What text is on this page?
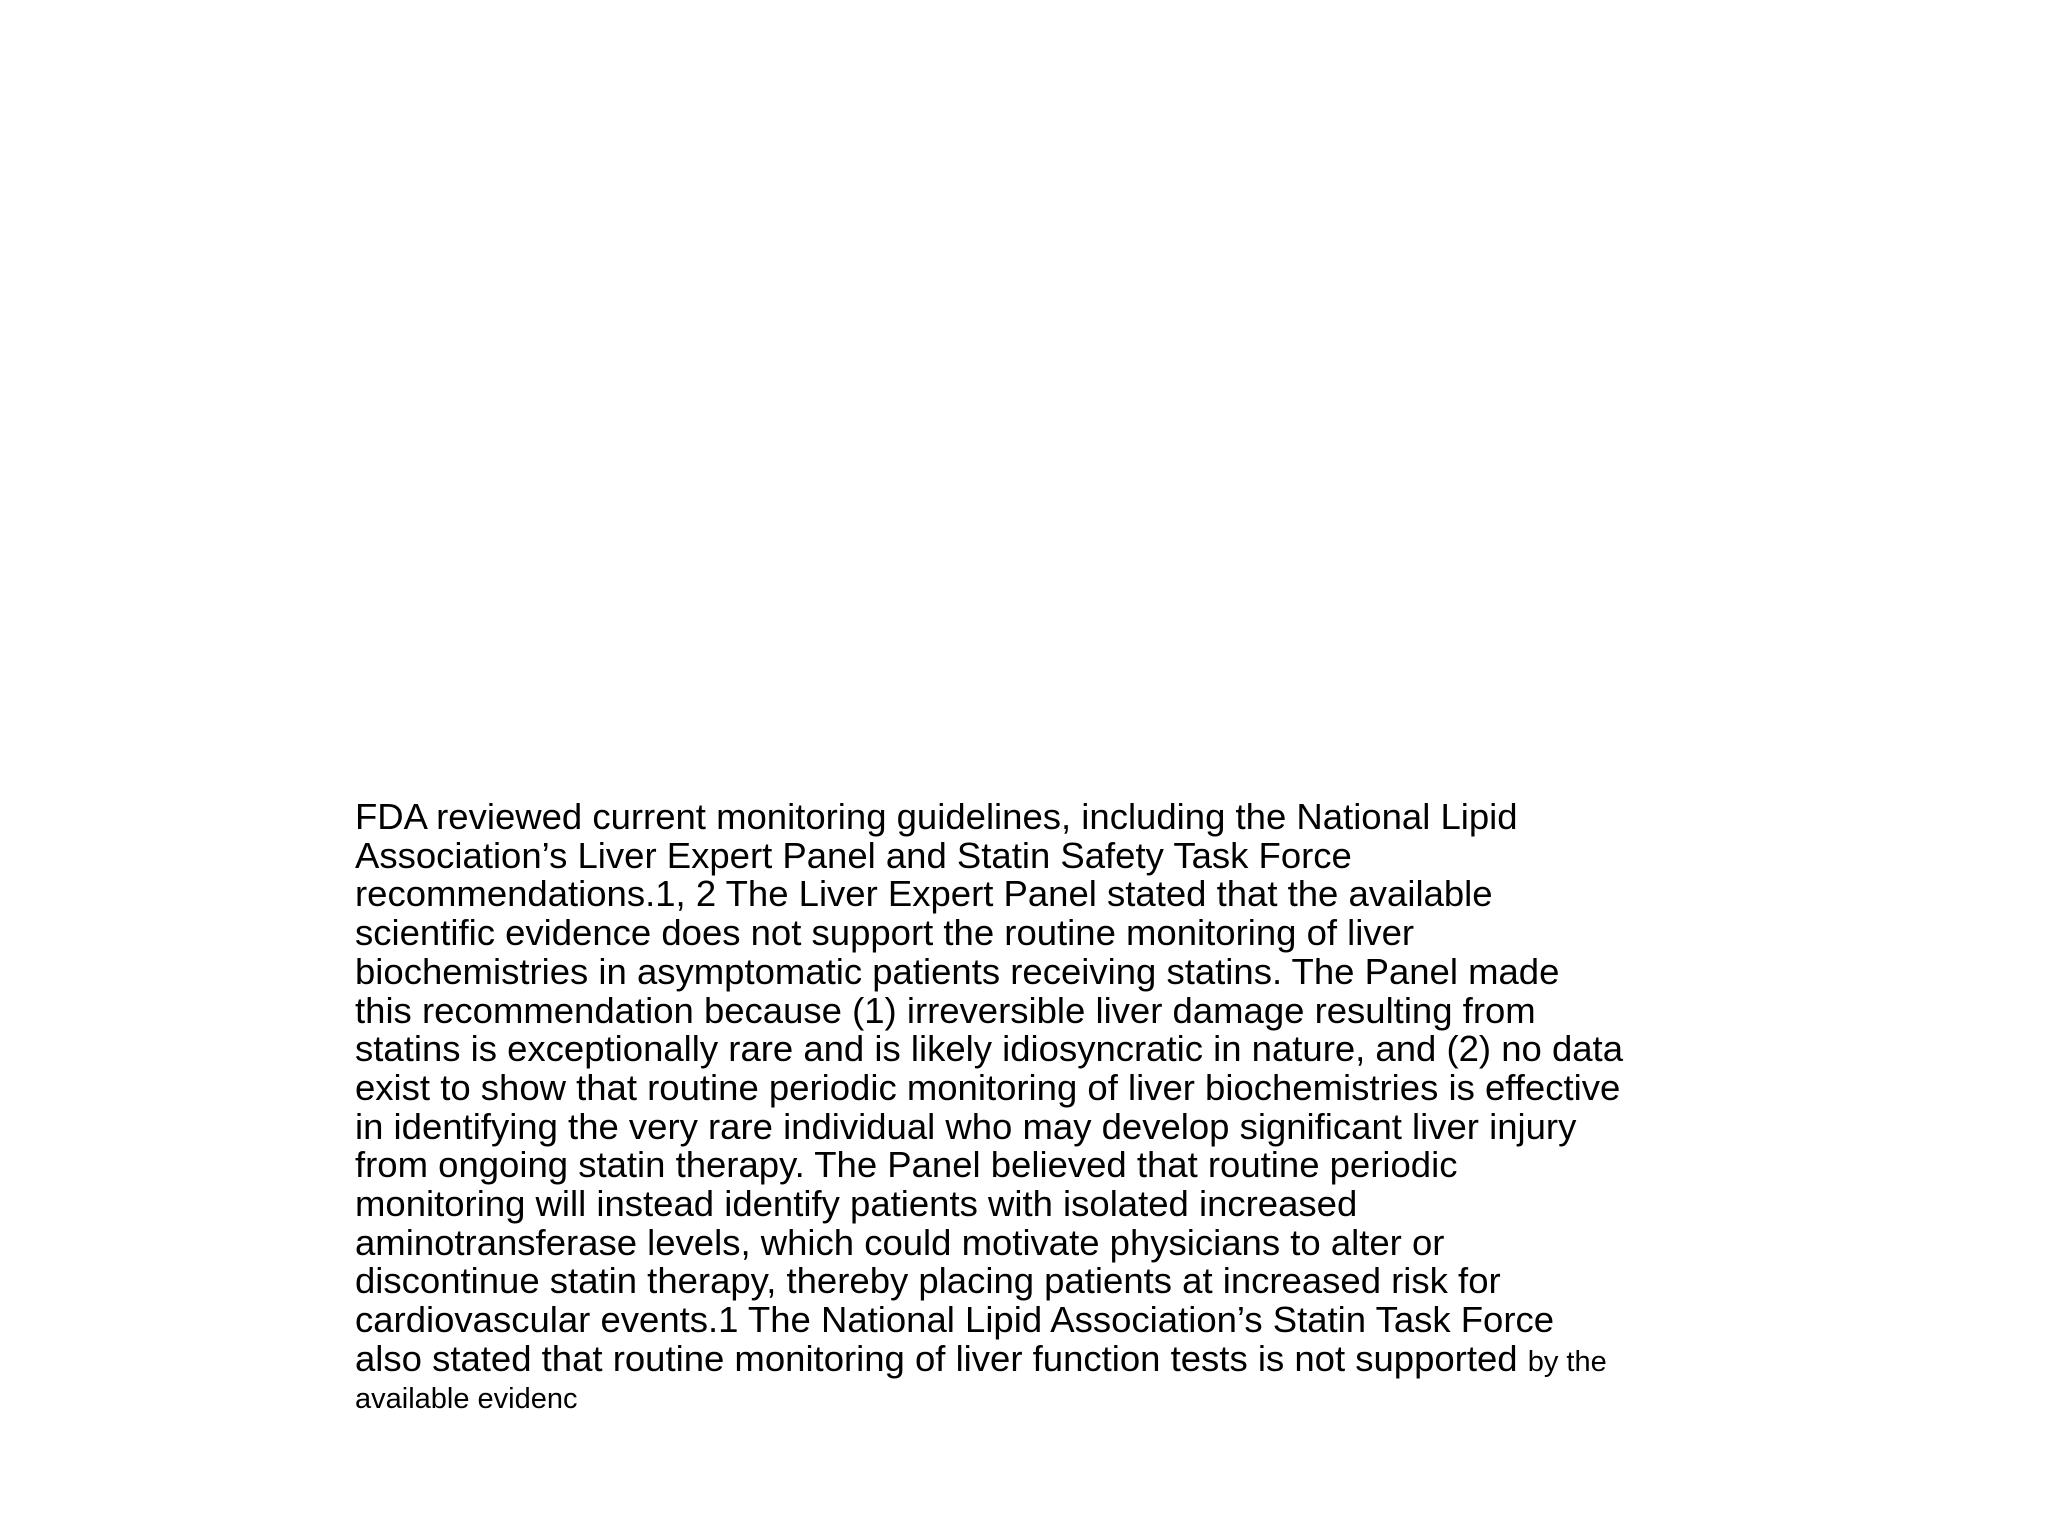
FDA reviewed current monitoring guidelines, including the National Lipid
Association’s Liver Expert Panel and Statin Safety Task Force
recommendations.1, 2 The Liver Expert Panel stated that the available
scientific evidence does not support the routine monitoring of liver
biochemistries in asymptomatic patients receiving statins. The Panel made
this recommendation because (1) irreversible liver damage resulting from
statins is exceptionally rare and is likely idiosyncratic in nature, and (2) no data
exist to show that routine periodic monitoring of liver biochemistries is effective
in identifying the very rare individual who may develop significant liver injury
from ongoing statin therapy. The Panel believed that routine periodic
monitoring will instead identify patients with isolated increased
aminotransferase levels, which could motivate physicians to alter or
discontinue statin therapy, thereby placing patients at increased risk for
cardiovascular events.1 The National Lipid Association’s Statin Task Force
also stated that routine monitoring of liver function tests is not supported by the
available evidenc
